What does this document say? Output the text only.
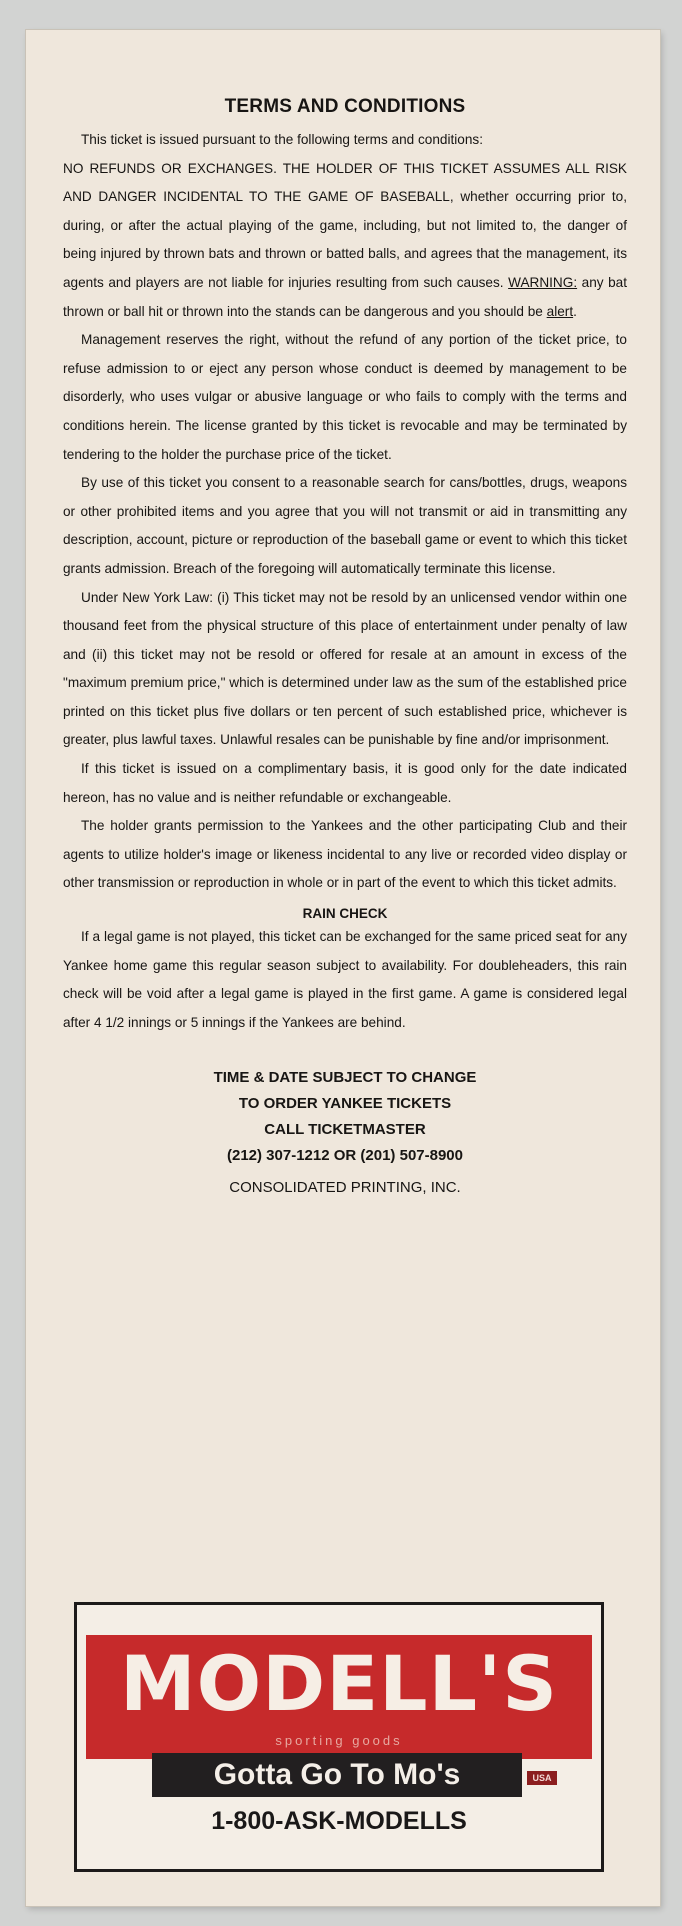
TERMS AND CONDITIONS

This ticket is issued pursuant to the following terms and conditions:

NO REFUNDS OR EXCHANGES. THE HOLDER OF THIS TICKET ASSUMES ALL RISK AND DANGER INCIDENTAL TO THE GAME OF BASEBALL, whether occurring prior to, during, or after the actual playing of the game, including, but not limited to, the danger of being injured by thrown bats and thrown or batted balls, and agrees that the management, its agents and players are not liable for injuries resulting from such causes. WARNING: any bat thrown or ball hit or thrown into the stands can be dangerous and you should be alert.

Management reserves the right, without the refund of any portion of the ticket price, to refuse admission to or eject any person whose conduct is deemed by management to be disorderly, who uses vulgar or abusive language or who fails to comply with the terms and conditions herein. The license granted by this ticket is revocable and may be terminated by tendering to the holder the purchase price of the ticket.

By use of this ticket you consent to a reasonable search for cans/bottles, drugs, weapons or other prohibited items and you agree that you will not transmit or aid in transmitting any description, account, picture or reproduction of the baseball game or event to which this ticket grants admission. Breach of the foregoing will automatically terminate this license.

Under New York Law: (i) This ticket may not be resold by an unlicensed vendor within one thousand feet from the physical structure of this place of entertainment under penalty of law and (ii) this ticket may not be resold or offered for resale at an amount in excess of the "maximum premium price," which is determined under law as the sum of the established price printed on this ticket plus five dollars or ten percent of such established price, whichever is greater, plus lawful taxes. Unlawful resales can be punishable by fine and/or imprisonment.

If this ticket is issued on a complimentary basis, it is good only for the date indicated hereon, has no value and is neither refundable or exchangeable.

The holder grants permission to the Yankees and the other participating Club and their agents to utilize holder's image or likeness incidental to any live or recorded video display or other transmission or reproduction in whole or in part of the event to which this ticket admits.

RAIN CHECK

If a legal game is not played, this ticket can be exchanged for the same priced seat for any Yankee home game this regular season subject to availability. For doubleheaders, this rain check will be void after a legal game is played in the first game. A game is considered legal after 4 1/2 innings or 5 innings if the Yankees are behind.

TIME & DATE SUBJECT TO CHANGE
TO ORDER YANKEE TICKETS
CALL TICKETMASTER
(212) 307-1212 OR (201) 507-8900
CONSOLIDATED PRINTING, INC.
MODELL'S
sporting goods
Gotta Go To Mo's	USA
1-800-ASK-MODELLS
